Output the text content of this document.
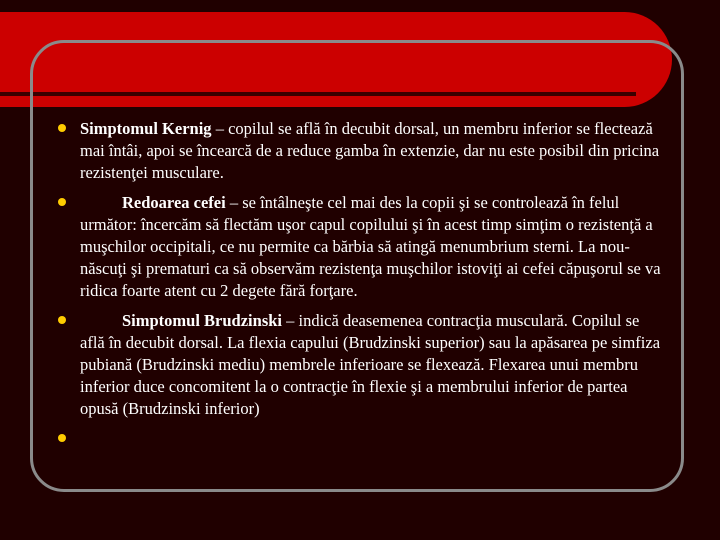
Simptomul Kernig – copilul se află în decubit dorsal, un membru inferior se flectează mai întâi, apoi se încearcă de a reduce gamba în extenzie, dar nu este posibil din pricina rezistenţei musculare.
Redoarea cefei – se întâlneşte cel mai des la copii şi se controlează în felul următor: încercăm să flectăm uşor capul copilului şi în acest timp simţim o rezistenţă a muşchilor occipitali, ce nu permite ca bărbia să atingă menumbrium sterni. La nou-născuţi şi prematuri ca să observăm rezistenţa muşchilor istoviţi ai cefei căpuşorul se va ridica foarte atent cu 2 degete fără forţare.
Simptomul Brudzinski – indică deasemenea contracţia musculară. Copilul se află în decubit dorsal. La flexia capului (Brudzinski superior) sau la apăsarea pe simfiza pubiană (Brudzinski mediu) membrele inferioare se flexează. Flexarea unui membru inferior duce concomitent la o contracţie în flexie şi a membrului inferior de partea opusă (Brudzinski inferior)
